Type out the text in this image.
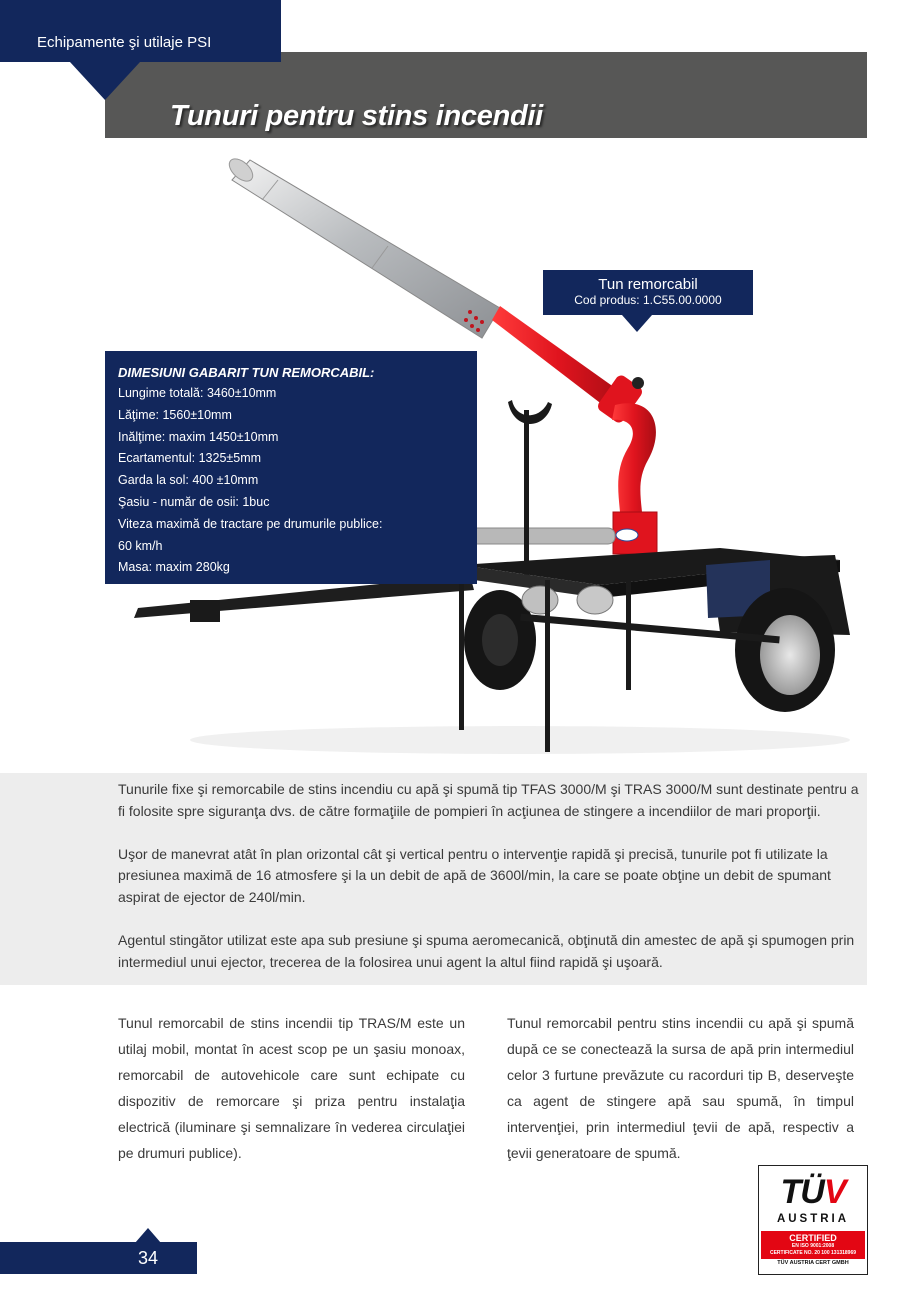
Echipamente şi utilaje PSI
Tunuri pentru stins incendii
Tun remorcabil
Cod produs: 1.C55.00.0000
DIMESIUNI GABARIT TUN REMORCABIL:
Lungime totală: 3460±10mm
Lăţime: 1560±10mm
Inălţime: maxim 1450±10mm
Ecartamentul: 1325±5mm
Garda la sol: 400 ±10mm
Şasiu - număr de osii: 1buc
Viteza maximă de tractare pe drumurile publice:
60 km/h
Masa: maxim 280kg

Tunurile fixe şi remorcabile de stins incendiu cu apă şi spumă tip TFAS 3000/M şi TRAS 3000/M sunt destinate pentru a fi folosite spre siguranţa dvs. de către formaţiile de pompieri în acţiunea de stingere a incendiilor de mari proporţii.

Uşor de manevrat atât în plan orizontal cât şi vertical pentru o intervenţie rapidă şi precisă, tunurile pot fi utilizate la presiunea maximă de 16 atmosfere şi la un debit de apă de 3600l/min, la care se poate obţine un debit de spumant aspirat de ejector de 240l/min.

Agentul stingător utilizat este apa sub presiune şi spuma aeromecanică, obţinută din amestec de apă şi spumogen prin intermediul unui ejector, trecerea de la folosirea unui agent la altul fiind rapidă şi uşoară.

Tunul remorcabil de stins incendii tip TRAS/M este un utilaj mobil, montat în acest scop pe un şasiu monoax, remorcabil de autovehicole care sunt echipate cu dispozitiv de remorcare şi priza pentru instalaţia electrică (iluminare şi semnalizare în vederea circulaţiei pe drumuri publice).
Tunul remorcabil pentru stins incendii cu apă şi spumă după ce se conectează la sursa de apă prin intermediul celor 3 furtune prevăzute cu racorduri tip B, deserveşte ca agent de stingere apă sau spumă, în timpul intervenţiei, prin intermediul ţevii de apă, respectiv a ţevii generatoare de spumă.
34
TÜV
AUSTRIA
CERTIFIED
EN ISO 9001:2008
CERTIFICATE NO. 20 100 131318969
TÜV AUSTRIA CERT GMBH
